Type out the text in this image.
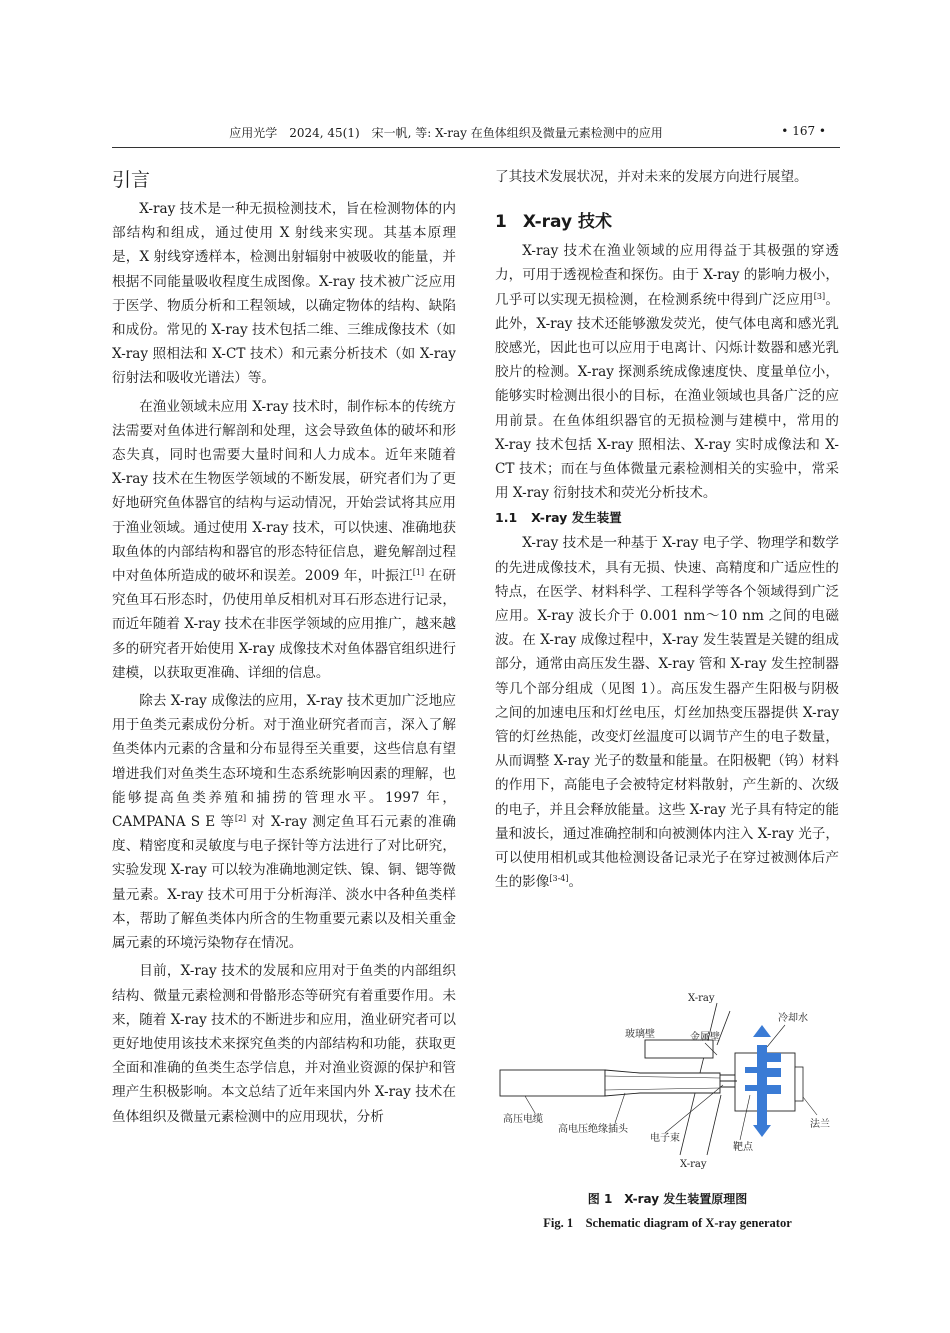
应用光学　2024, 45(1)　宋一帆, 等: X-ray 在鱼体组织及微量元素检测中的应用	• 167 •
引言

X-ray 技术是一种无损检测技术，旨在检测物体的内部结构和组成，通过使用 X 射线来实现。其基本原理是，X 射线穿透样本，检测出射辐射中被吸收的能量，并根据不同能量吸收程度生成图像。X-ray 技术被广泛应用于医学、物质分析和工程领域，以确定物体的结构、缺陷和成份。常见的 X-ray 技术包括二维、三维成像技术（如 X-ray 照相法和 X-CT 技术）和元素分析技术（如 X-ray 衍射法和吸收光谱法）等。

在渔业领域未应用 X-ray 技术时，制作标本的传统方法需要对鱼体进行解剖和处理，这会导致鱼体的破坏和形态失真，同时也需要大量时间和人力成本。近年来随着 X-ray 技术在生物医学领域的不断发展，研究者们为了更好地研究鱼体器官的结构与运动情况，开始尝试将其应用于渔业领域。通过使用 X-ray 技术，可以快速、准确地获取鱼体的内部结构和器官的形态特征信息，避免解剖过程中对鱼体所造成的破坏和误差。2009 年，叶振江[1] 在研究鱼耳石形态时，仍使用单反相机对耳石形态进行记录，而近年随着 X-ray 技术在非医学领域的应用推广，越来越多的研究者开始使用 X-ray 成像技术对鱼体器官组织进行建模，以获取更准确、详细的信息。

除去 X-ray 成像法的应用，X-ray 技术更加广泛地应用于鱼类元素成份分析。对于渔业研究者而言，深入了解鱼类体内元素的含量和分布显得至关重要，这些信息有望增进我们对鱼类生态环境和生态系统影响因素的理解，也能够提高鱼类养殖和捕捞的管理水平。1997 年，CAMPANA S E 等[2] 对 X-ray 测定鱼耳石元素的准确度、精密度和灵敏度与电子探针等方法进行了对比研究，实验发现 X-ray 可以较为准确地测定铁、镍、铜、锶等微量元素。X-ray 技术可用于分析海洋、淡水中各种鱼类样本，帮助了解鱼类体内所含的生物重要元素以及相关重金属元素的环境污染物存在情况。

目前，X-ray 技术的发展和应用对于鱼类的内部组织结构、微量元素检测和骨骼形态等研究有着重要作用。未来，随着 X-ray 技术的不断进步和应用，渔业研究者可以更好地使用该技术来探究鱼类的内部结构和功能，获取更全面和准确的鱼类生态学信息，并对渔业资源的保护和管理产生积极影响。本文总结了近年来国内外 X-ray 技术在鱼体组织及微量元素检测中的应用现状，分析

了其技术发展状况，并对未来的发展方向进行展望。

1 X-ray 技术

X-ray 技术在渔业领域的应用得益于其极强的穿透力，可用于透视检查和探伤。由于 X-ray 的影响力极小，几乎可以实现无损检测，在检测系统中得到广泛应用[3]。此外，X-ray 技术还能够激发荧光，使气体电离和感光乳胶感光，因此也可以应用于电离计、闪烁计数器和感光乳胶片的检测。X-ray 探测系统成像速度快、度量单位小，能够实时检测出很小的目标，在渔业领域也具备广泛的应用前景。在鱼体组织器官的无损检测与建模中，常用的 X-ray 技术包括 X-ray 照相法、X-ray 实时成像法和 X-CT 技术；而在与鱼体微量元素检测相关的实验中，常采用 X-ray 衍射技术和荧光分析技术。

1.1 X-ray 发生装置

X-ray 技术是一种基于 X-ray 电子学、物理学和数学的先进成像技术，具有无损、快速、高精度和广适应性的特点，在医学、材料科学、工程科学等各个领域得到广泛应用。X-ray 波长介于 0.001 nm～10 nm 之间的电磁波。在 X-ray 成像过程中，X-ray 发生装置是关键的组成部分，通常由高压发生器、X-ray 管和 X-ray 发生控制器等几个部分组成（见图 1）。高压发生器产生阳极与阴极之间的加速电压和灯丝电压，灯丝加热变压器提供 X-ray 管的灯丝热能，改变灯丝温度可以调节产生的电子数量，从而调整 X-ray 光子的数量和能量。在阳极靶（钨）材料的作用下，高能电子会被特定材料散射，产生新的、次级的电子，并且会释放能量。这些 X-ray 光子具有特定的能量和波长，通过准确控制和向被测体内注入 X-ray 光子，可以使用相机或其他检测设备记录光子在穿过被测体后产生的影像[3-4]。

X-ray
冷却水
玻璃壁	金属壁
高压电缆
高电压绝缘插头
电子束
法兰
靶点
X-ray
图 1　X-ray 发生装置原理图
Fig. 1　Schematic diagram of X-ray generator
